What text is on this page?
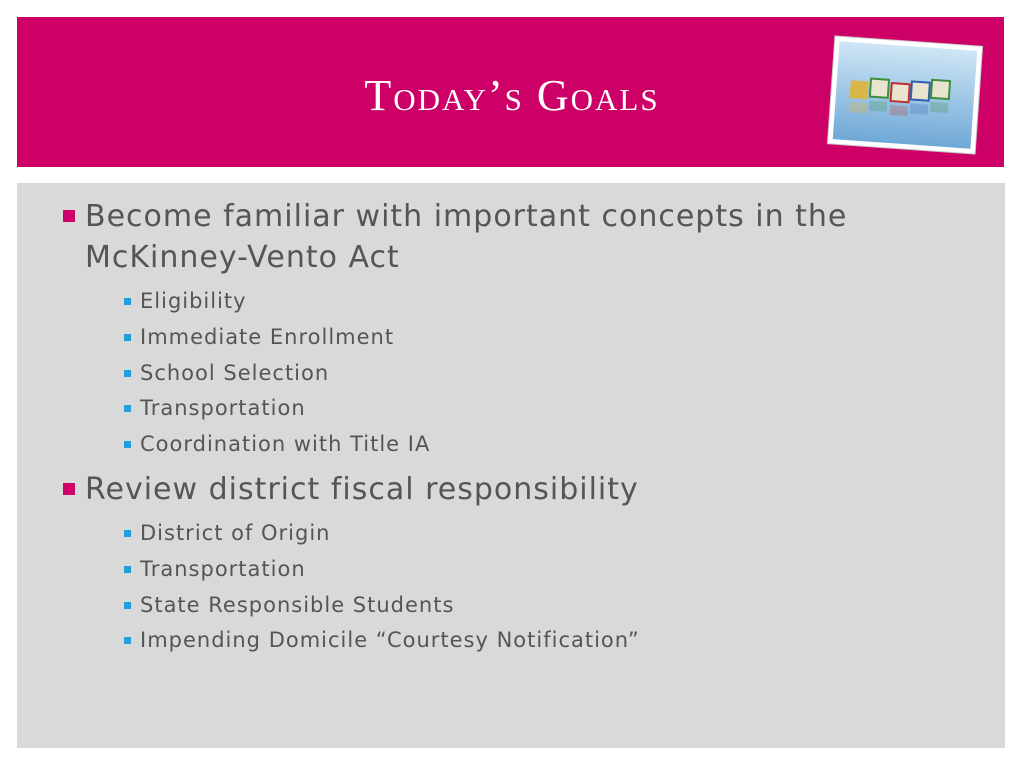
Today’s Goals
Become familiar with important concepts in the McKinney-Vento Act
Eligibility
Immediate Enrollment
School Selection
Transportation
Coordination with Title IA
Review district fiscal responsibility
District of Origin
Transportation
State Responsible Students
Impending Domicile “Courtesy Notification”
